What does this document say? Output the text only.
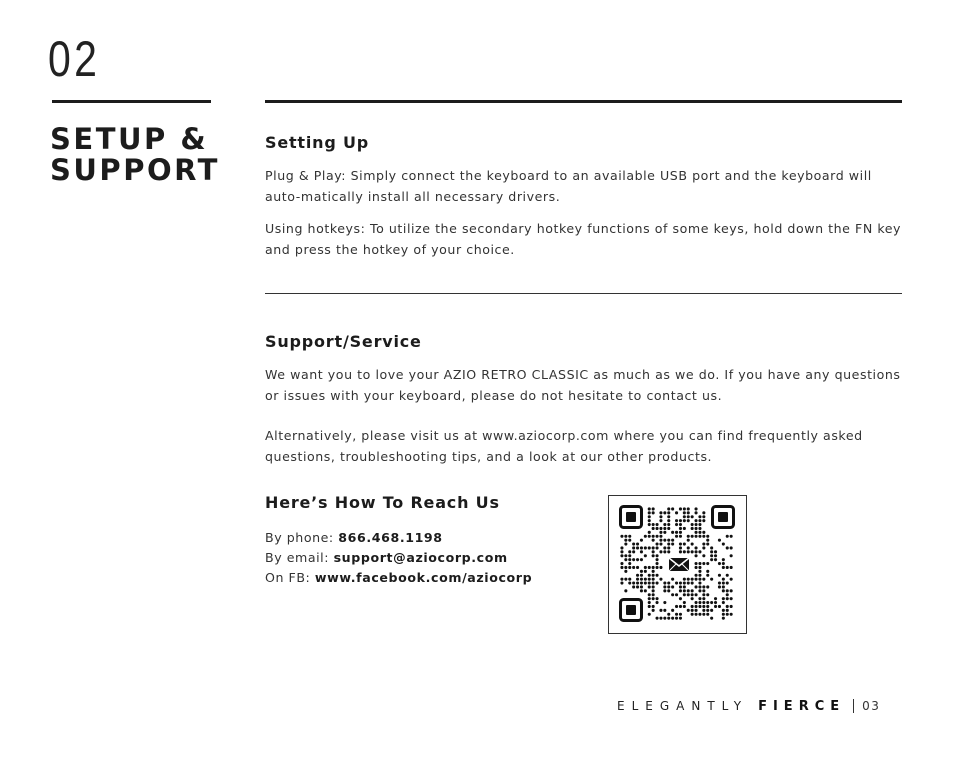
02
SETUP &
SUPPORT
Setting Up

Plug & Play: Simply connect the keyboard to an available USB port and the keyboard will auto-matically install all necessary drivers.

Using hotkeys: To utilize the secondary hotkey functions of some keys, hold down the FN key and press the hotkey of your choice.

Support/Service

We want you to love your AZIO RETRO CLASSIC as much as we do. If you have any questions or issues with your keyboard, please do not hesitate to contact us.

Alternatively, please visit us at www.aziocorp.com where you can find frequently asked questions, troubleshooting tips, and a look at our other products.

Here’s How To Reach Us
By phone: 866.468.1198
By email: support@aziocorp.com
On FB: www.facebook.com/aziocorp
ELEGANTLY FIERCE 03
